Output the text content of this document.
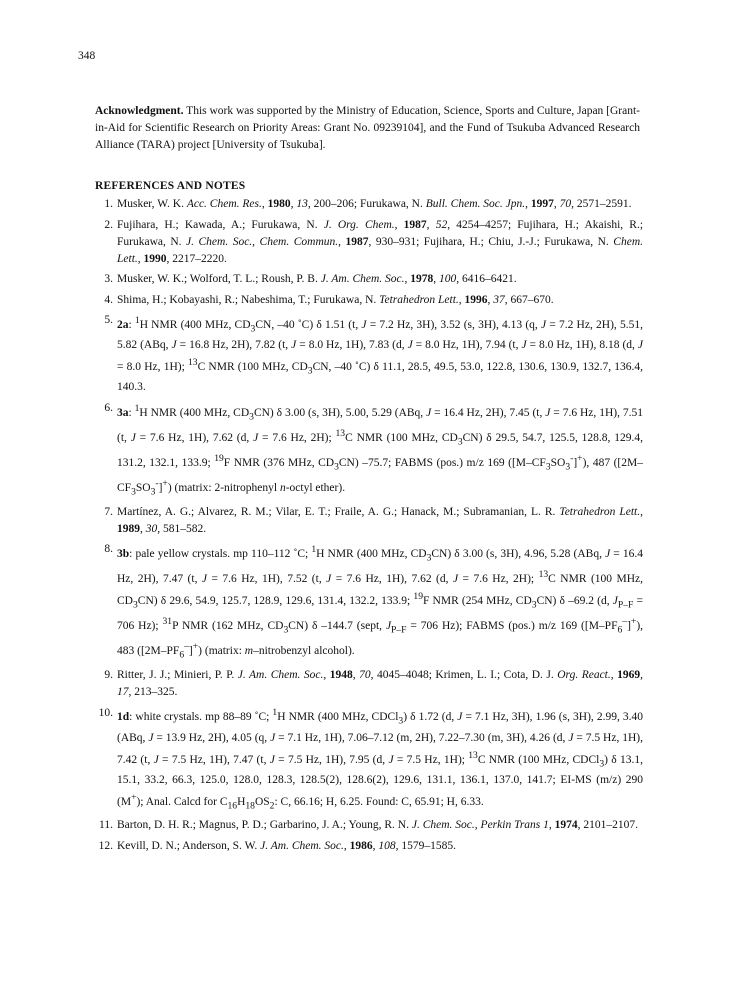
348

Acknowledgment. This work was supported by the Ministry of Education, Science, Sports and Culture, Japan [Grant-in-Aid for Scientific Research on Priority Areas: Grant No. 09239104], and the Fund of Tsukuba Advanced Research Alliance (TARA) project [University of Tsukuba].

REFERENCES AND NOTES
1. Musker, W. K. Acc. Chem. Res., 1980, 13, 200–206; Furukawa, N. Bull. Chem. Soc. Jpn., 1997, 70, 2571–2591.
2. Fujihara, H.; Kawada, A.; Furukawa, N. J. Org. Chem., 1987, 52, 4254–4257; Fujihara, H.; Akaishi, R.; Furukawa, N. J. Chem. Soc., Chem. Commun., 1987, 930–931; Fujihara, H.; Chiu, J.-J.; Furukawa, N. Chem. Lett., 1990, 2217–2220.
3. Musker, W. K.; Wolford, T. L.; Roush, P. B. J. Am. Chem. Soc., 1978, 100, 6416–6421.
4. Shima, H.; Kobayashi, R.; Nabeshima, T.; Furukawa, N. Tetrahedron Lett., 1996, 37, 667–670.
5. 2a: $^1$H NMR (400 MHz, $CD_3CN$, –40 ˚C) δ 1.51 (t, J = 7.2 Hz, 3H), 3.52 (s, 3H), 4.13 (q, J = 7.2 Hz, 2H), 5.51, 5.82 (ABq, J = 16.8 Hz, 2H), 7.82 (t, J = 8.0 Hz, 1H), 7.83 (d, J = 8.0 Hz, 1H), 7.94 (t, J = 8.0 Hz, 1H), 8.18 (d, J = 8.0 Hz, 1H); $^{13}$C NMR (100 MHz, $CD_3CN$, –40 ˚C) δ 11.1, 28.5, 49.5, 53.0, 122.8, 130.6, 130.9, 132.7, 136.4, 140.3.
6. 3a: $^1$H NMR (400 MHz, $CD_3CN$) δ 3.00 (s, 3H), 5.00, 5.29 (ABq, J = 16.4 Hz, 2H), 7.45 (t, J = 7.6 Hz, 1H), 7.51 (t, J = 7.6 Hz, 1H), 7.62 (d, J = 7.6 Hz, 2H); $^{13}$C NMR (100 MHz, $CD_3CN$) δ 29.5, 54.7, 125.5, 128.8, 129.4, 131.2, 132.1, 133.9; $^{19}$F NMR (376 MHz, $CD_3CN$) –75.7; FABMS (pos.) m/z 169 $([M-CF_3SO_3^-]^+)$, 487 $([2M-CF_3SO_3^-]^+)$ (matrix: 2-nitrophenyl n-octyl ether).
7. Martínez, A. G.; Alvarez, R. M.; Vilar, E. T.; Fraile, A. G.; Hanack, M.; Subramanian, L. R. Tetrahedron Lett., 1989, 30, 581–582.
8. 3b: pale yellow crystals. mp 110–112 ˚C; $^1$H NMR (400 MHz, $CD_3CN$) δ 3.00 (s, 3H), 4.96, 5.28 (ABq, J = 16.4 Hz, 2H), 7.47 (t, J = 7.6 Hz, 1H), 7.52 (t, J = 7.6 Hz, 1H), 7.62 (d, J = 7.6 Hz, 2H); $^{13}$C NMR (100 MHz, $CD_3CN$) δ 29.6, 54.9, 125.7, 128.9, 129.6, 131.4, 132.2, 133.9; $^{19}$F NMR (254 MHz, $CD_3CN$) δ –69.2 (d, $J_{P-F} = 706$ Hz); $^{31}$P NMR (162 MHz, $CD_3CN$) δ –144.7 (sept, $J_{P-F} = 706$ Hz); FABMS (pos.) m/z 169 $([M-PF_6^-]^+)$, 483 $([2M-PF_6^-]^+)$ (matrix: m–nitrobenzyl alcohol).
9. Ritter, J. J.; Minieri, P. P. J. Am. Chem. Soc., 1948, 70, 4045–4048; Krimen, L. I.; Cota, D. J. Org. React., 1969, 17, 213–325.
10. 1d: white crystals. mp 88–89 ˚C; $^1$H NMR (400 MHz, CDCl$_3$) δ 1.72 (d, J = 7.1 Hz, 3H), 1.96 (s, 3H), 2.99, 3.40 (ABq, J = 13.9 Hz, 2H), 4.05 (q, J = 7.1 Hz, 1H), 7.06–7.12 (m, 2H), 7.22–7.30 (m, 3H), 4.26 (d, J = 7.5 Hz, 1H), 7.42 (t, J = 7.5 Hz, 1H), 7.47 (t, J = 7.5 Hz, 1H), 7.95 (d, J = 7.5 Hz, 1H); $^{13}$C NMR (100 MHz, CDCl$_3$) δ 13.1, 15.1, 33.2, 66.3, 125.0, 128.0, 128.3, 128.5(2), 128.6(2), 129.6, 131.1, 136.1, 137.0, 141.7; EI-MS (m/z) 290 (M+); Anal. Calcd for $C_{16}H_{18}OS_2$: C, 66.16; H, 6.25. Found: C, 65.91; H, 6.33.
11. Barton, D. H. R.; Magnus, P. D.; Garbarino, J. A.; Young, R. N. J. Chem. Soc., Perkin Trans 1, 1974, 2101–2107.
12. Kevill, D. N.; Anderson, S. W. J. Am. Chem. Soc., 1986, 108, 1579–1585.
